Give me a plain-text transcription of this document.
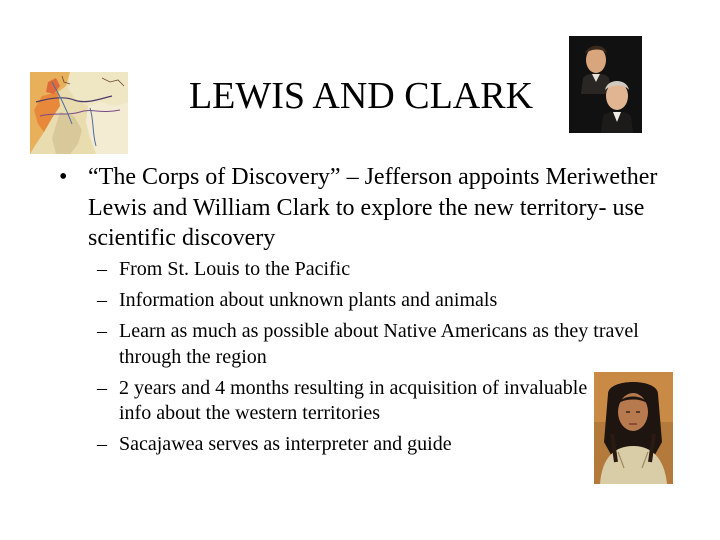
LEWIS AND CLARK
• “The Corps of Discovery” – Jefferson appoints Meriwether Lewis and William Clark to explore the new territory- use scientific discovery
– From St. Louis to the Pacific
– Information about unknown plants and animals
– Learn as much as possible about Native Americans as they travel through the region
– 2 years and 4 months resulting in acquisition of invaluable info about the western territories
– Sacajawea serves as interpreter and guide
